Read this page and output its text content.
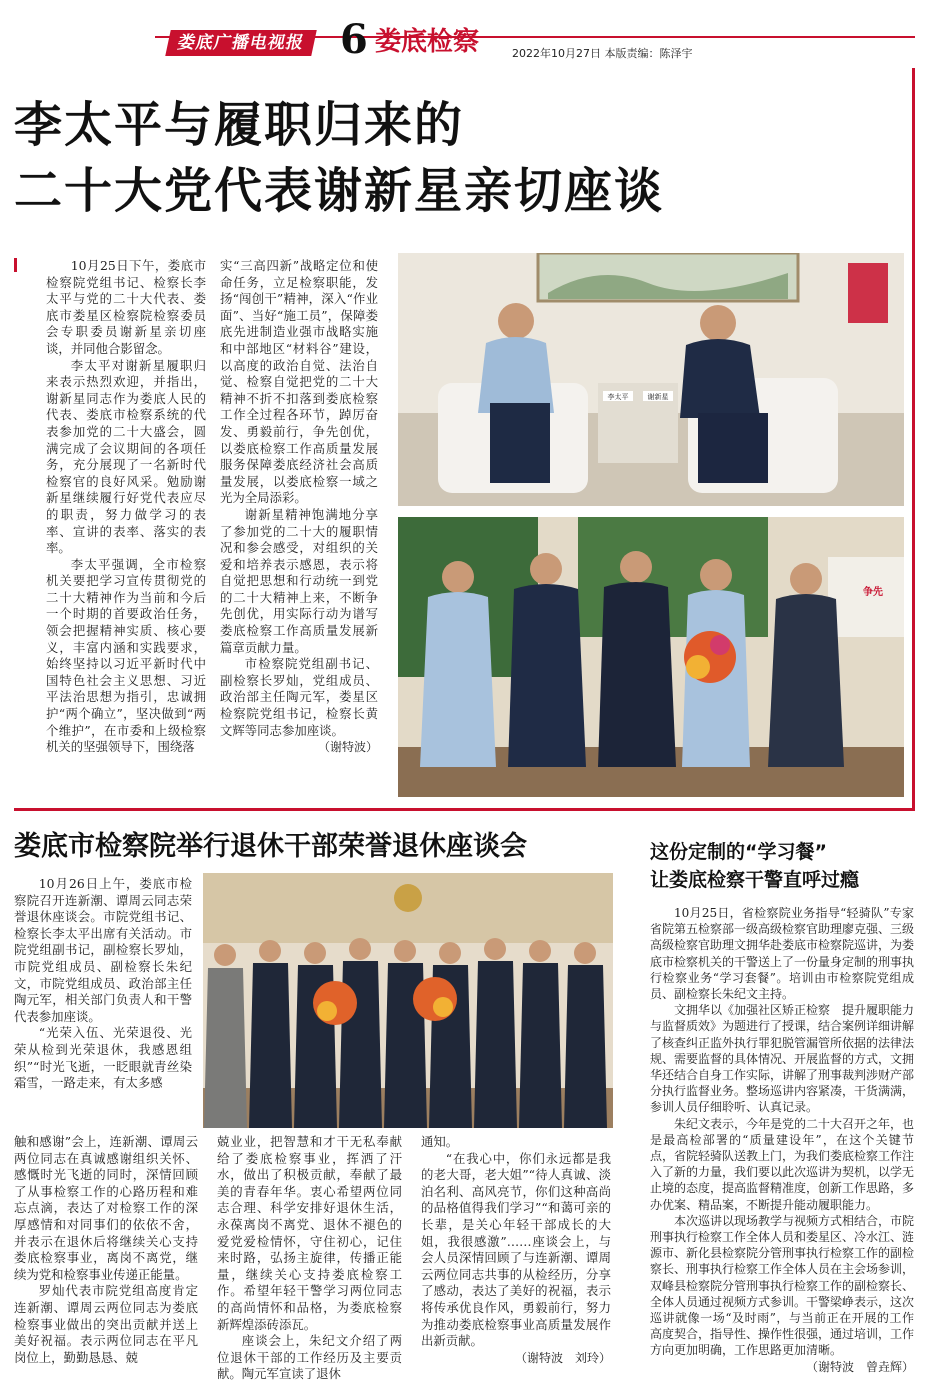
娄底广播电视报 6 娄底检察	2022年10月27日 本版责编：陈泽宇
李太平与履职归来的
二十大党代表谢新星亲切座谈

10月25日下午，娄底市检察院党组书记、检察长李太平与党的二十大代表、娄底市娄星区检察院检察委员会专职委员谢新星亲切座谈，并同他合影留念。

李太平对谢新星履职归来表示热烈欢迎，并指出，谢新星同志作为娄底人民的代表、娄底市检察系统的代表参加党的二十大盛会，圆满完成了会议期间的各项任务，充分展现了一名新时代检察官的良好风采。勉励谢新星继续履行好党代表应尽的职责，努力做学习的表率、宣讲的表率、落实的表率。

李太平强调，全市检察机关要把学习宣传贯彻党的二十大精神作为当前和今后一个时期的首要政治任务，领会把握精神实质、核心要义，丰富内涵和实践要求，始终坚持以习近平新时代中国特色社会主义思想、习近平法治思想为指引，忠诚拥护“两个确立”，坚决做到“两个维护”，在市委和上级检察机关的坚强领导下，围绕落

实“三高四新”战略定位和使命任务，立足检察职能，发扬“闯创干”精神，深入“作业面”、当好“施工员”，保障娄底先进制造业强市战略实施和中部地区“材料谷”建设，以高度的政治自觉、法治自觉、检察自觉把党的二十大精神不折不扣落到娄底检察工作全过程各环节，踔厉奋发、勇毅前行，争先创优，以娄底检察工作高质量发展服务保障娄底经济社会高质量发展，以娄底检察一域之光为全局添彩。

谢新星精神饱满地分享了参加党的二十大的履职情况和参会感受，对组织的关爱和培养表示感恩，表示将自觉把思想和行动统一到党的二十大精神上来，不断争先创优，用实际行动为谱写娄底检察工作高质量发展新篇章贡献力量。

市检察院党组副书记、副检察长罗灿，党组成员、政治部主任陶元军，娄星区检察院党组书记，检察长黄文辉等同志参加座谈。

（谢特波）
李太平	谢新星
争先
娄底市检察院举行退休干部荣誉退休座谈会

10月26日上午，娄底市检察院召开连新潮、谭周云同志荣誉退休座谈会。市院党组书记、检察长李太平出席有关活动。市院党组副书记，副检察长罗灿，市院党组成员、副检察长朱纪文，市院党组成员、政治部主任陶元军，相关部门负责人和干警代表参加座谈。

“光荣入伍、光荣退役、光荣从检到光荣退休，我感恩组织”“时光飞逝，一眨眼就青丝染霜雪，一路走来，有太多感

触和感谢”会上，连新潮、谭周云两位同志在真诚感谢组织关怀、感慨时光飞逝的同时，深情回顾了从事检察工作的心路历程和难忘点滴，表达了对检察工作的深厚感情和对同事们的依依不舍，并表示在退休后将继续关心支持娄底检察事业，离岗不离党，继续为党和检察事业传递正能量。

罗灿代表市院党组高度肯定连新潮、谭周云两位同志为娄底检察事业做出的突出贡献并送上美好祝福。表示两位同志在平凡岗位上，勤勤恳恳、兢

兢业业，把智慧和才干无私奉献给了娄底检察事业，挥洒了汗水，做出了积极贡献，奉献了最美的青春年华。衷心希望两位同志合理、科学安排好退休生活，永葆离岗不离党、退休不褪色的爱党爱检情怀，守住初心，记住来时路，弘扬主旋律，传播正能量，继续关心支持娄底检察工作。希望年轻干警学习两位同志的高尚情怀和品格，为娄底检察新辉煌添砖添瓦。

座谈会上，朱纪文介绍了两位退休干部的工作经历及主要贡献。陶元军宣读了退休

通知。

“在我心中，你们永远都是我的老大哥，老大姐”“待人真诚、淡泊名利、高风亮节，你们这种高尚的品格值得我们学习”“和蔼可亲的长辈，是关心年轻干部成长的大姐，我很感激”……座谈会上，与会人员深情回顾了与连新潮、谭周云两位同志共事的从检经历，分享了感动，表达了美好的祝福，表示将传承优良作风，勇毅前行，努力为推动娄底检察事业高质量发展作出新贡献。

（谢特波　刘玲）
这份定制的“学习餐”
让娄底检察干警直呼过瘾

10月25日，省检察院业务指导“轻骑队”专家省院第五检察部一级高级检察官助理廖克强、三级高级检察官助理文拥华赴娄底市检察院巡讲，为娄底市检察机关的干警送上了一份量身定制的刑事执行检察业务“学习套餐”。培训由市检察院党组成员、副检察长朱纪文主持。

文拥华以《加强社区矫正检察　提升履职能力与监督质效》为题进行了授课，结合案例详细讲解了核查纠正监外执行罪犯脱管漏管所依据的法律法规、需要监督的具体情况、开展监督的方式，文拥华还结合自身工作实际，讲解了刑事裁判涉财产部分执行监督业务。整场巡讲内容紧凑，干货满满，参训人员仔细聆听、认真记录。

朱纪文表示，今年是党的二十大召开之年，也是最高检部署的“质量建设年”，在这个关键节点，省院轻骑队送教上门，为我们娄底检察工作注入了新的力量，我们要以此次巡讲为契机，以学无止境的态度，提高监督精准度，创新工作思路，多办优案、精品案，不断提升能动履职能力。

本次巡讲以现场教学与视频方式相结合，市院刑事执行检察工作全体人员和娄星区、冷水江、涟源市、新化县检察院分管刑事执行检察工作的副检察长、刑事执行检察工作全体人员在主会场参训，双峰县检察院分管刑事执行检察工作的副检察长、全体人员通过视频方式参训。干警梁峥表示，这次巡讲就像一场“及时雨”，与当前正在开展的工作高度契合，指导性、操作性很强，通过培训，工作方向更加明确，工作思路更加清晰。

（谢特波　曾垚辉）
